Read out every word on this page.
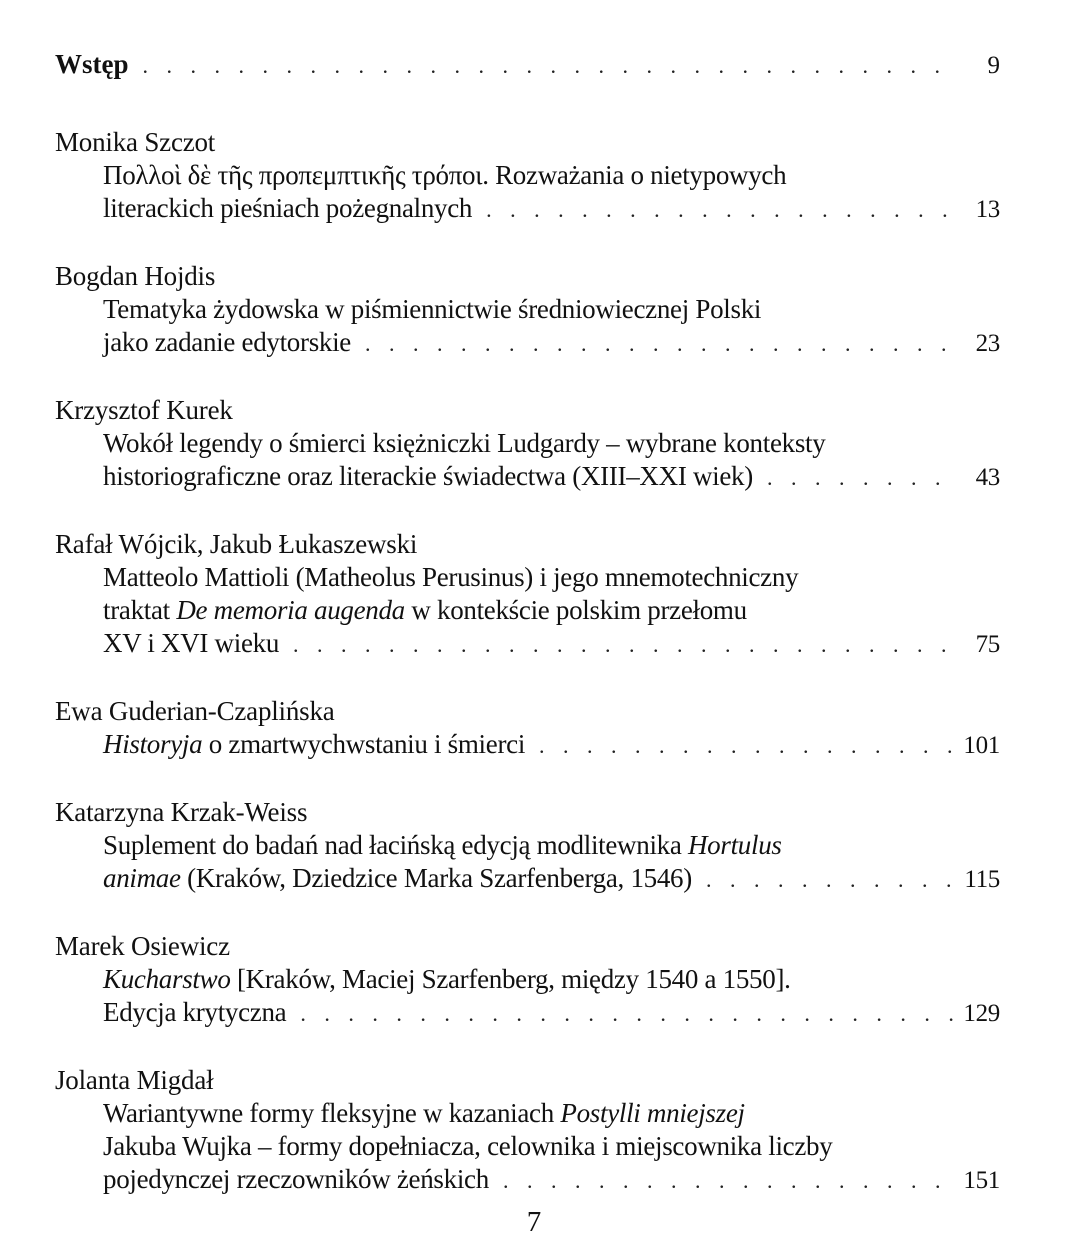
Wstęp . . .	9
Monika Szczot
Πολλοὶ δὲ τῆς προπεμπτικῆς τρόποι. Rozważania o nietypowych
literackich pieśniach pożegnalnych . . .	13
Bogdan Hojdis
Tematyka żydowska w piśmiennictwie średniowiecznej Polski
jako zadanie edytorskie . . .	23
Krzysztof Kurek
Wokół legendy o śmierci księżniczki Ludgardy – wybrane konteksty
historiograficzne oraz literackie świadectwa (XIII–XXI wiek) . . .	43
Rafał Wójcik, Jakub Łukaszewski
Matteolo Mattioli (Matheolus Perusinus) i jego mnemotechniczny
traktat De memoria augenda w kontekście polskim przełomu
XV i XVI wieku . . .	75
Ewa Guderian-Czaplińska
Historyja o zmartwychwstaniu i śmierci . . .	101
Katarzyna Krzak-Weiss
Suplement do badań nad łacińską edycją modlitewnika Hortulus
animae (Kraków, Dziedzice Marka Szarfenberga, 1546) . . .	115
Marek Osiewicz
Kucharstwo [Kraków, Maciej Szarfenberg, między 1540 a 1550].
Edycja krytyczna . . .	129
Jolanta Migdał
Wariantywne formy fleksyjne w kazaniach Postylli mniejszej
Jakuba Wujka – formy dopełniacza, celownika i miejscownika liczby
pojedynczej rzeczowników żeńskich . . .	151
7
